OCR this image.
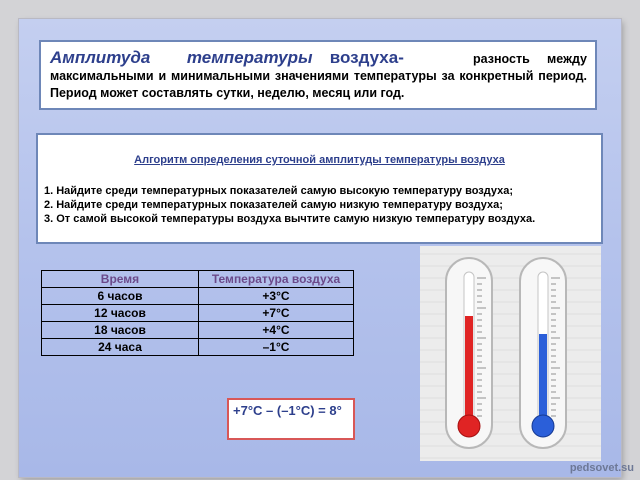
Амплитуда температуры воздуха-	разность между максимальными и минимальными значениями температуры за конкретный период. Период может составлять сутки, неделю, месяц или год.
Алгоритм определения суточной амплитуды температуры воздуха
1. Найдите среди температурных показателей самую высокую температуру воздуха;
2. Найдите среди температурных показателей самую низкую температуру воздуха;
3. От самой высокой температуры воздуха вычтите самую низкую температуру воздуха.
Время	Температура воздуха
6 часов	+3°С
12 часов	+7°С
18 часов	+4°С
24 часа	–1°С
+7°С – (–1°С) = 8°
pedsovet.su
